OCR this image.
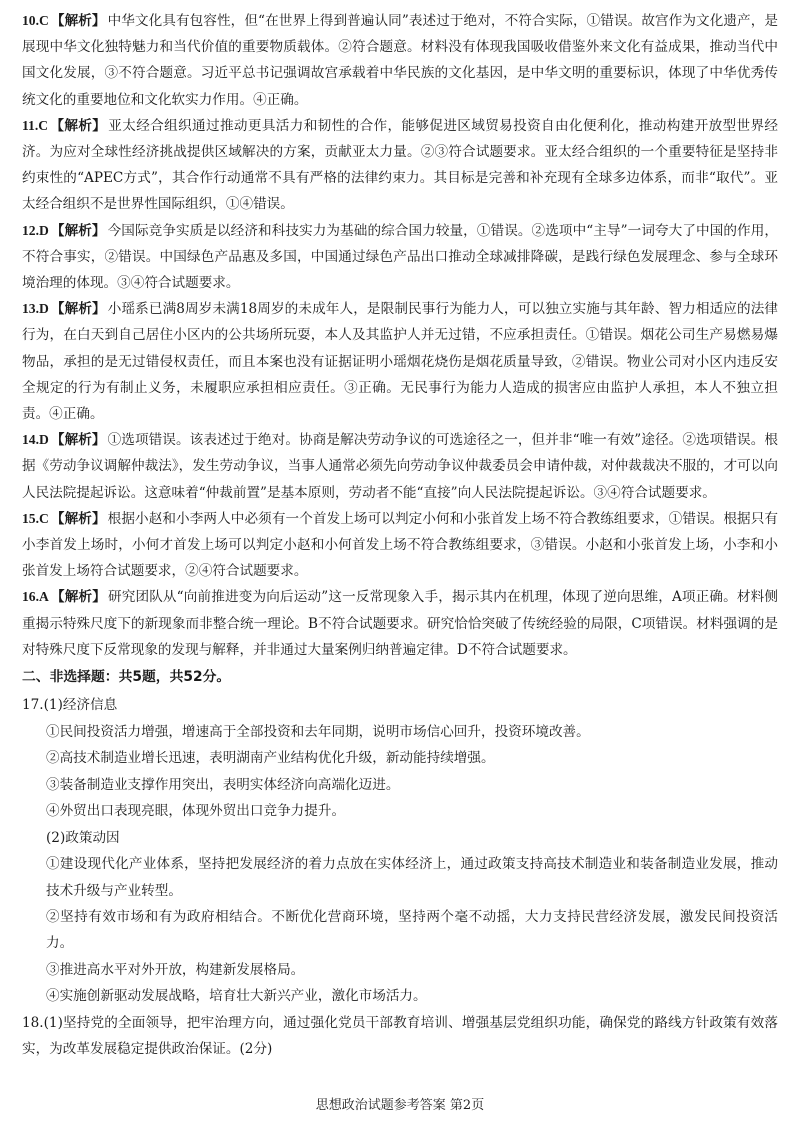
10.C 【解析】 中华文化具有包容性，但“在世界上得到普遍认同”表述过于绝对，不符合实际，①错误。故宫作为文化遗产，是展现中华文化独特魅力和当代价值的重要物质载体。②符合题意。材料没有体现我国吸收借鉴外来文化有益成果，推动当代中国文化发展，③不符合题意。习近平总书记强调故宫承载着中华民族的文化基因，是中华文明的重要标识，体现了中华优秀传统文化的重要地位和文化软实力作用。④正确。
11.C 【解析】 亚太经合组织通过推动更具活力和韧性的合作，能够促进区域贸易投资自由化便利化，推动构建开放型世界经济。为应对全球性经济挑战提供区域解决的方案，贡献亚太力量。②③符合试题要求。亚太经合组织的一个重要特征是坚持非约束性的“APEC方式”，其合作行动通常不具有严格的法律约束力。其目标是完善和补充现有全球多边体系，而非“取代”。亚太经合组织不是世界性国际组织，①④错误。
12.D 【解析】 今国际竞争实质是以经济和科技实力为基础的综合国力较量，①错误。②选项中“主导”一词夸大了中国的作用，不符合事实，②错误。中国绿色产品惠及多国，中国通过绿色产品出口推动全球减排降碳，是践行绿色发展理念、参与全球环境治理的体现。③④符合试题要求。
13.D 【解析】 小瑶系已满8周岁未满18周岁的未成年人，是限制民事行为能力人，可以独立实施与其年龄、智力相适应的法律行为，在白天到自己居住小区内的公共场所玩耍，本人及其监护人并无过错，不应承担责任。①错误。烟花公司生产易燃易爆物品，承担的是无过错侵权责任，而且本案也没有证据证明小瑶烟花烧伤是烟花质量导致，②错误。物业公司对小区内违反安全规定的行为有制止义务，未履职应承担相应责任。③正确。无民事行为能力人造成的损害应由监护人承担，本人不独立担责。④正确。
14.D 【解析】 ①选项错误。该表述过于绝对。协商是解决劳动争议的可选途径之一，但并非“唯一有效”途径。②选项错误。根据《劳动争议调解仲裁法》，发生劳动争议，当事人通常必须先向劳动争议仲裁委员会申请仲裁，对仲裁裁决不服的，才可以向人民法院提起诉讼。这意味着“仲裁前置”是基本原则，劳动者不能“直接”向人民法院提起诉讼。③④符合试题要求。
15.C 【解析】 根据小赵和小李两人中必须有一个首发上场可以判定小何和小张首发上场不符合教练组要求，①错误。根据只有小李首发上场时，小何才首发上场可以判定小赵和小何首发上场不符合教练组要求，③错误。小赵和小张首发上场，小李和小张首发上场符合试题要求，②④符合试题要求。
16.A 【解析】 研究团队从“向前推进变为向后运动”这一反常现象入手，揭示其内在机理，体现了逆向思维，A项正确。材料侧重揭示特殊尺度下的新现象而非整合统一理论。B不符合试题要求。研究恰恰突破了传统经验的局限，C项错误。材料强调的是对特殊尺度下反常现象的发现与解释，并非通过大量案例归纳普遍定律。D不符合试题要求。
二、非选择题：共5题，共52分。
17.(1)经济信息
①民间投资活力增强，增速高于全部投资和去年同期，说明市场信心回升，投资环境改善。
②高技术制造业增长迅速，表明湖南产业结构优化升级，新动能持续增强。
③装备制造业支撑作用突出，表明实体经济向高端化迈进。
④外贸出口表现亮眼，体现外贸出口竞争力提升。
(2)政策动因
①建设现代化产业体系，坚持把发展经济的着力点放在实体经济上，通过政策支持高技术制造业和装备制造业发展，推动技术升级与产业转型。
②坚持有效市场和有为政府相结合。不断优化营商环境，坚持两个毫不动摇，大力支持民营经济发展，激发民间投资活力。
③推进高水平对外开放，构建新发展格局。
④实施创新驱动发展战略，培育壮大新兴产业，激化市场活力。
18.(1)坚持党的全面领导，把牢治理方向，通过强化党员干部教育培训、增强基层党组织功能，确保党的路线方针政策有效落实，为改革发展稳定提供政治保证。(2分)
思想政治试题参考答案 第2页
